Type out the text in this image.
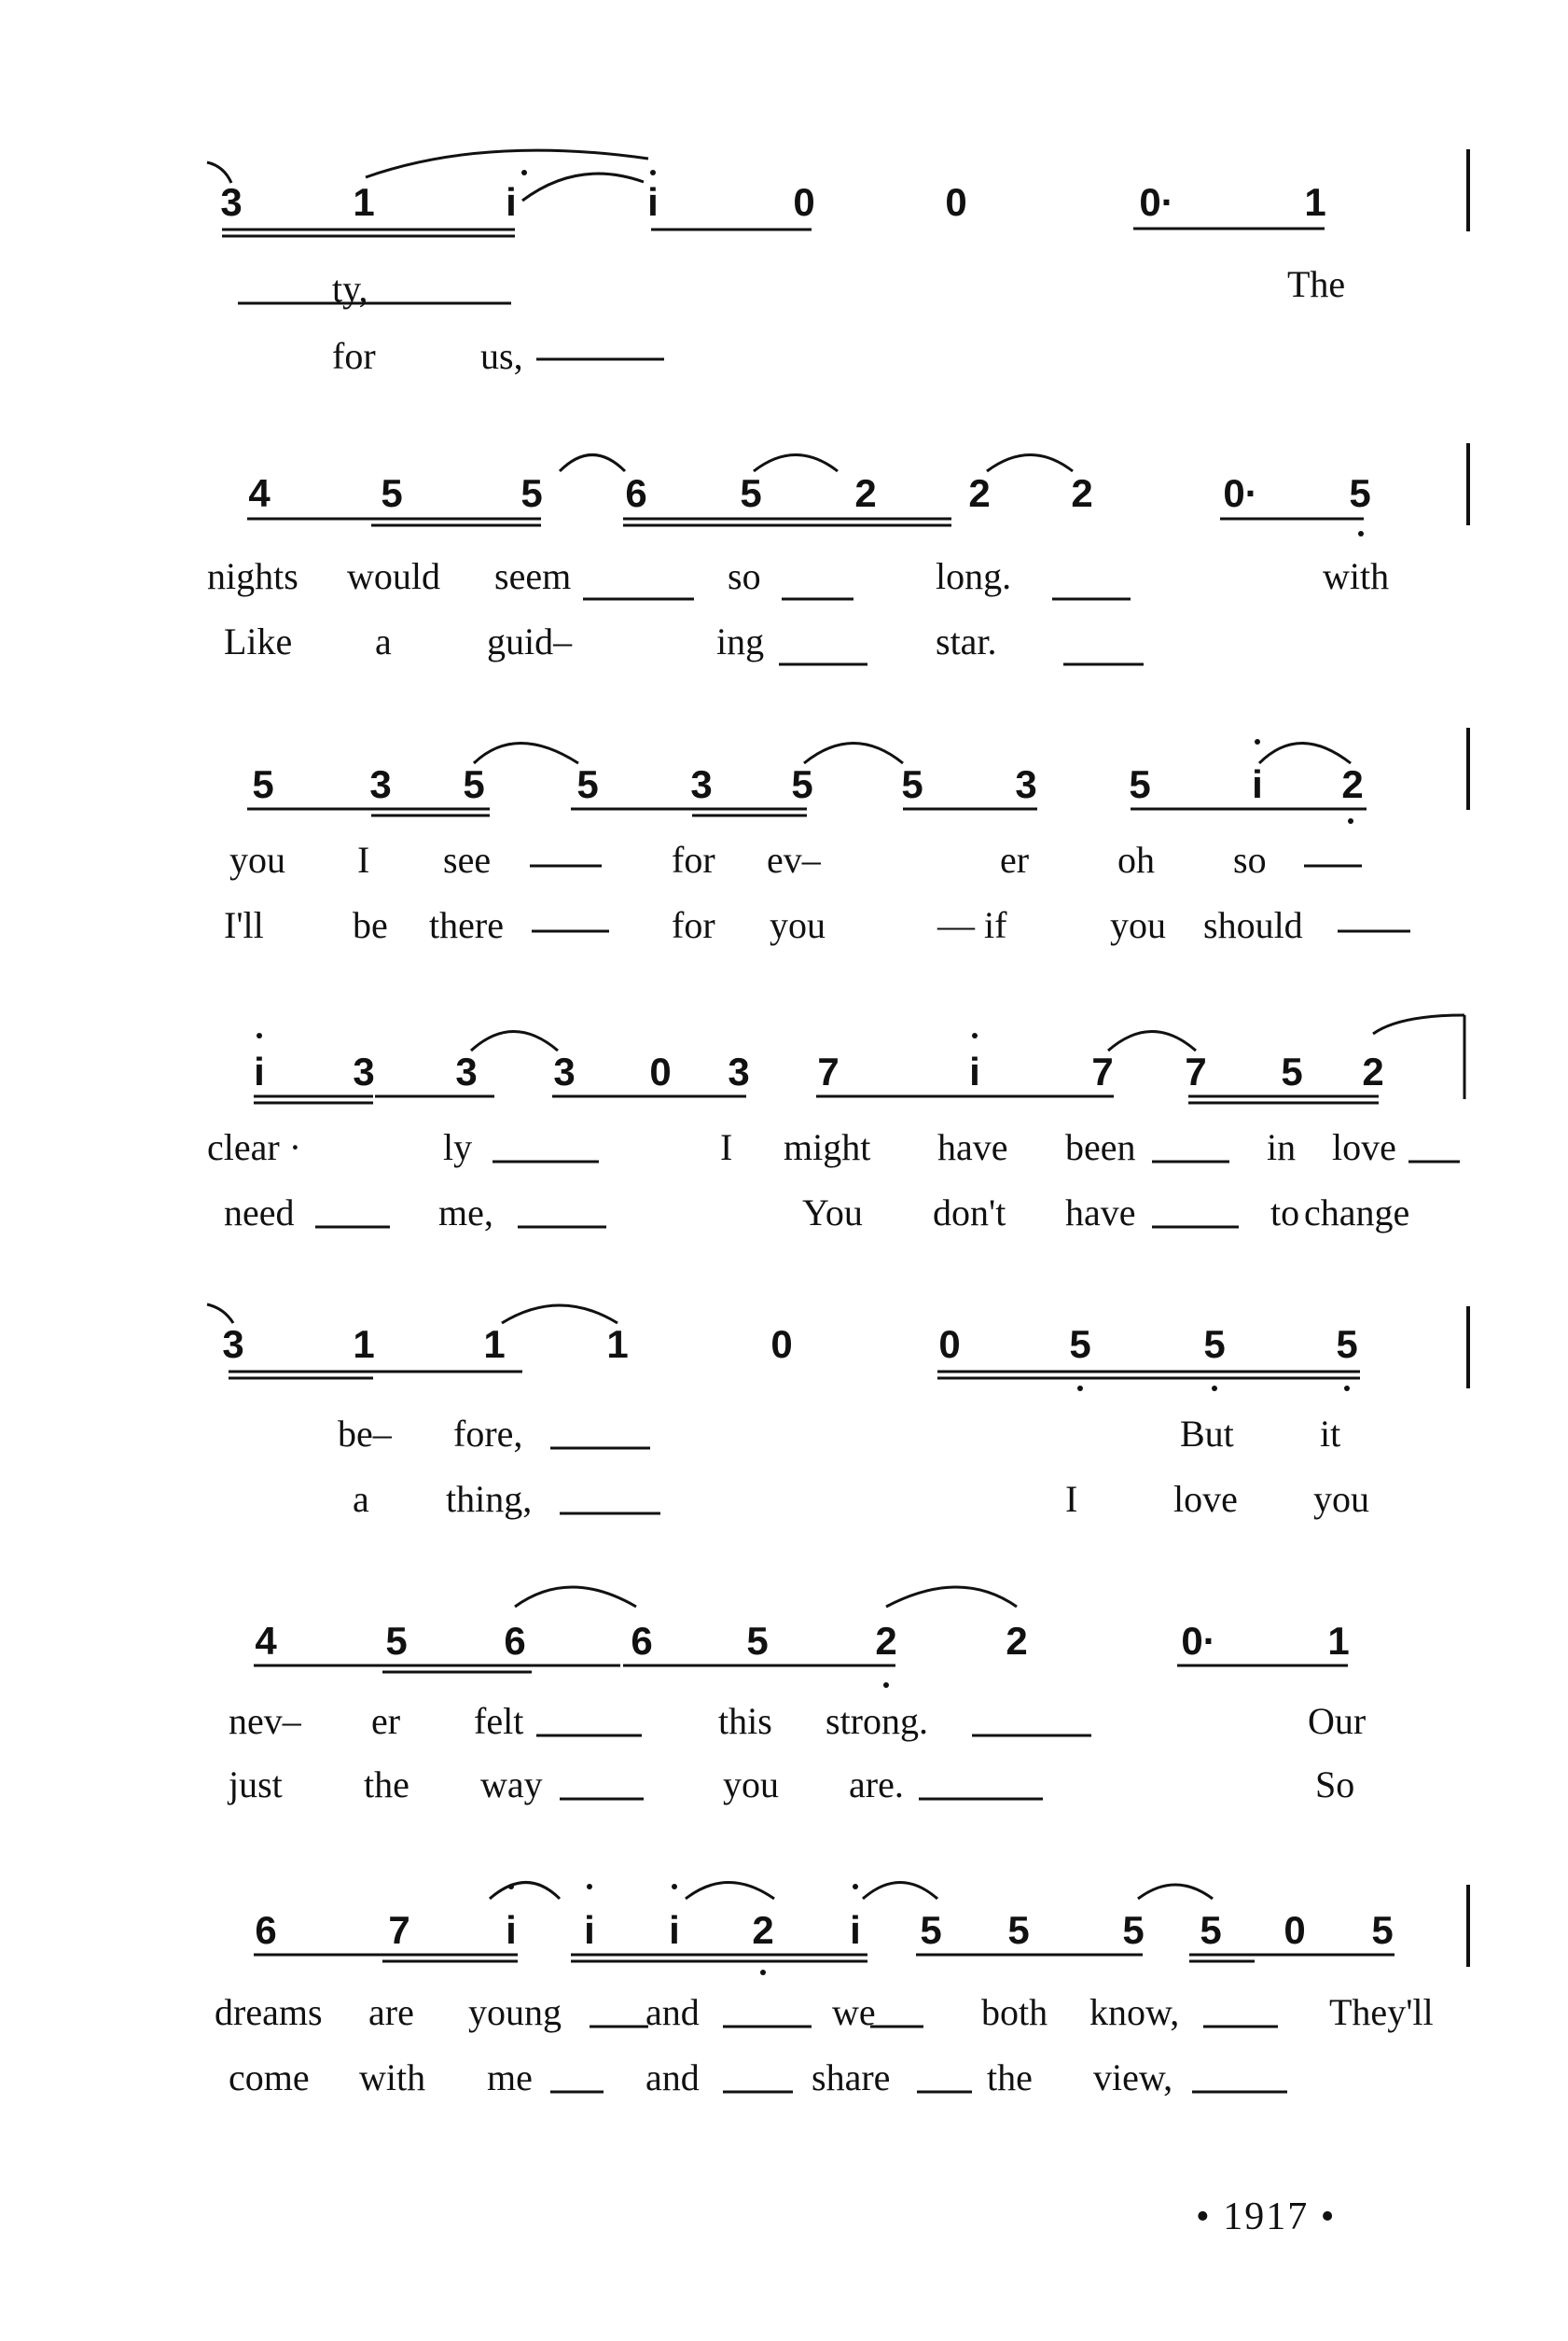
3	1	i	i	0	0	0·	1
ty,	The
for	us,
4	5	5 6 5 2 2 2	0· 5
nights would seem	so	long.	with
Like a	guid–	ing	star.
5 3 5 5 3 5 5 3 5	i 2
you I see	for ev–	er oh so
I'll be there	for you	— if	you should
i 3 3 3 0 3 7	i	7 7 5 2
clear ·	ly	I might have been	in love
need	me,	You don't have	to change
3	1	1	1	0	0	5	5	5
be– fore,	But it
a thing,	I	love you
4	5 6	6 5	2	2	0·	1
nev– er felt	this strong.	Our
just the way	you are.	So
6	7 i i i 2 i 5 5 5 5 0 5
dreams are young and	we	both know,	They'll
come with me	and	share	the view,
• 1917 •
